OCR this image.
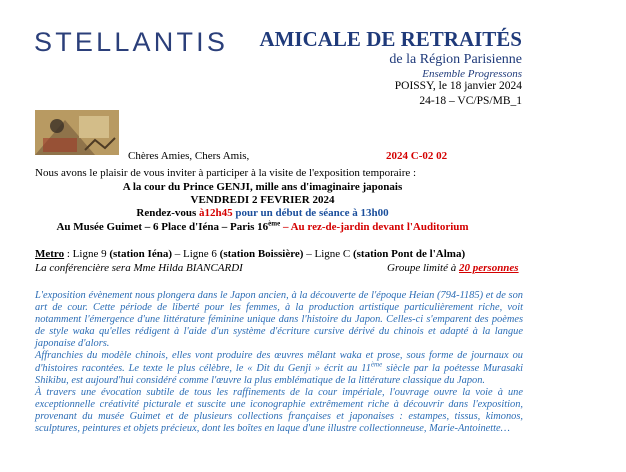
STELLANTIS AMICALE DE RETRAITÉS
de la Région Parisienne
Ensemble Progressons
POISSY, le 18 janvier 2024
24-18 – VC/PS/MB_1
Chères Amies, Chers Amis,	2024 C-02 02
Nous avons le plaisir de vous inviter à participer à la visite de l'exposition temporaire :
A la cour du Prince GENJI, mille ans d'imaginaire japonais
VENDREDI 2 FEVRIER 2024
Rendez-vous à12h45 pour un début de séance à 13h00
Au Musée Guimet – 6 Place d'Iéna – Paris 16ème – Au rez-de-jardin devant l'Auditorium
Metro : Ligne 9 (station Iéna) – Ligne 6 (station Boissière) – Ligne C (station Pont de l'Alma)
La conférencière sera Mme Hilda BIANCARDI	Groupe limité à 20 personnes

L'exposition évènement nous plongera dans le Japon ancien, à la découverte de l'époque Heian (794-1185) et de son art de cour. Cette période de liberté pour les femmes, à la production artistique particulièrement riche, voit notamment l'émergence d'une littérature féminine unique dans l'histoire du Japon. Celles-ci s'emparent des poèmes de style waka qu'elles rédigent à l'aide d'un système d'écriture cursive dérivé du chinois et adapté à la langue japonaise d'alors.

Affranchies du modèle chinois, elles vont produire des œuvres mêlant waka et prose, sous forme de journaux ou d'histoires racontées. Le texte le plus célèbre, le « Dit du Genji » écrit au 11ème siècle par la poétesse Murasaki Shikibu, est aujourd'hui considéré comme l'œuvre la plus emblématique de la littérature classique du Japon.

À travers une évocation subtile de tous les raffinements de la cour impériale, l'ouvrage ouvre la voie à une exceptionnelle créativité picturale et suscite une iconographie extrêmement riche à découvrir dans l'exposition, provenant du musée Guimet et de plusieurs collections françaises et japonaises : estampes, tissus, kimonos, sculptures, peintures et objets précieux, dont les boîtes en laque d'une illustre collectionneuse, Marie-Antoinette…
